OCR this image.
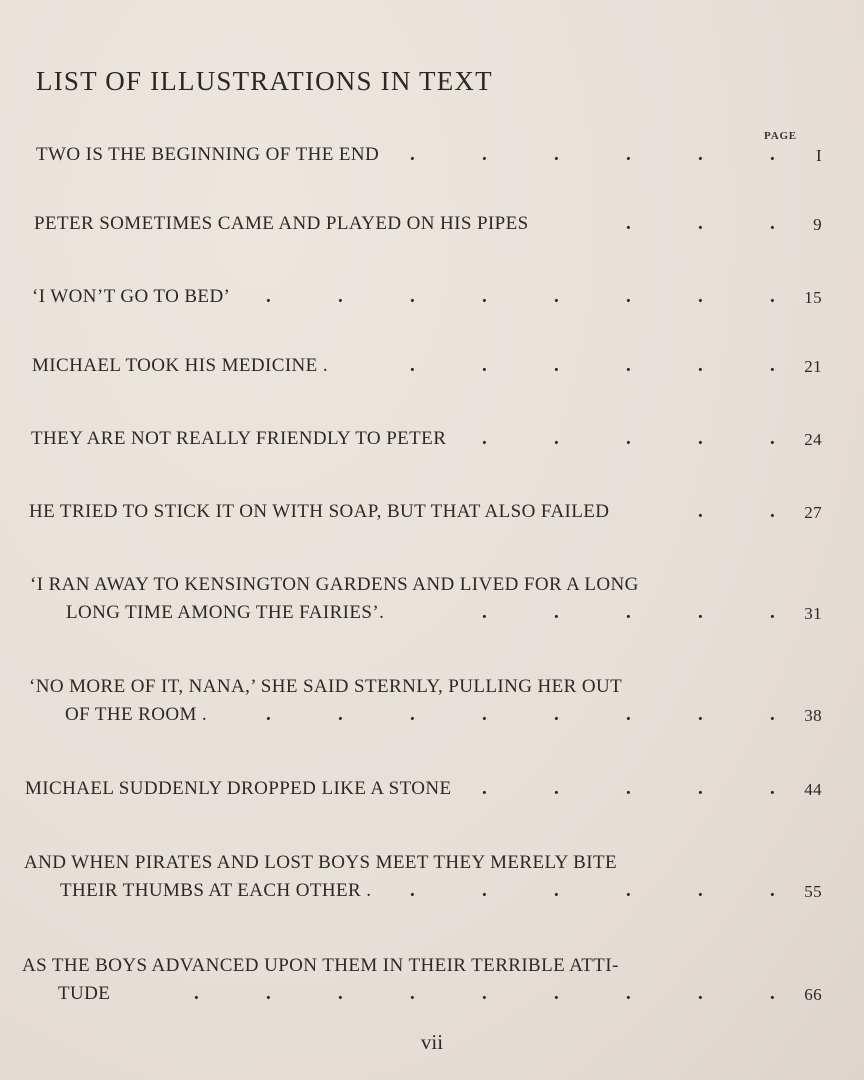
LIST OF ILLUSTRATIONS IN TEXT
PAGE
TWO IS THE BEGINNING OF THE END	I
.
.
.
.
.
.
PETER SOMETIMES CAME AND PLAYED ON HIS PIPES	9
.
.
.
‘I WON’T GO TO BED’	15
.
.
.
.
.
.
.
.
MICHAEL TOOK HIS MEDICINE .	21
.
.
.
.
.
.
THEY ARE NOT REALLY FRIENDLY TO PETER	24
.
.
.
.
.
HE TRIED TO STICK IT ON WITH SOAP, BUT THAT ALSO FAILED	27
.
.
‘I RAN AWAY TO KENSINGTON GARDENS AND LIVED FOR A LONG
LONG TIME AMONG THE FAIRIES’.	31
.
.
.
.
.
‘NO MORE OF IT, NANA,’ SHE SAID STERNLY, PULLING HER OUT
OF THE ROOM .	38
.
.
.
.
.
.
.
.
MICHAEL SUDDENLY DROPPED LIKE A STONE	44
.
.
.
.
.
AND WHEN PIRATES AND LOST BOYS MEET THEY MERELY BITE
THEIR THUMBS AT EACH OTHER .	55
.
.
.
.
.
.
AS THE BOYS ADVANCED UPON THEM IN THEIR TERRIBLE ATTI-
TUDE	66
.
.
.
.
.
.
.
.
.
vii
